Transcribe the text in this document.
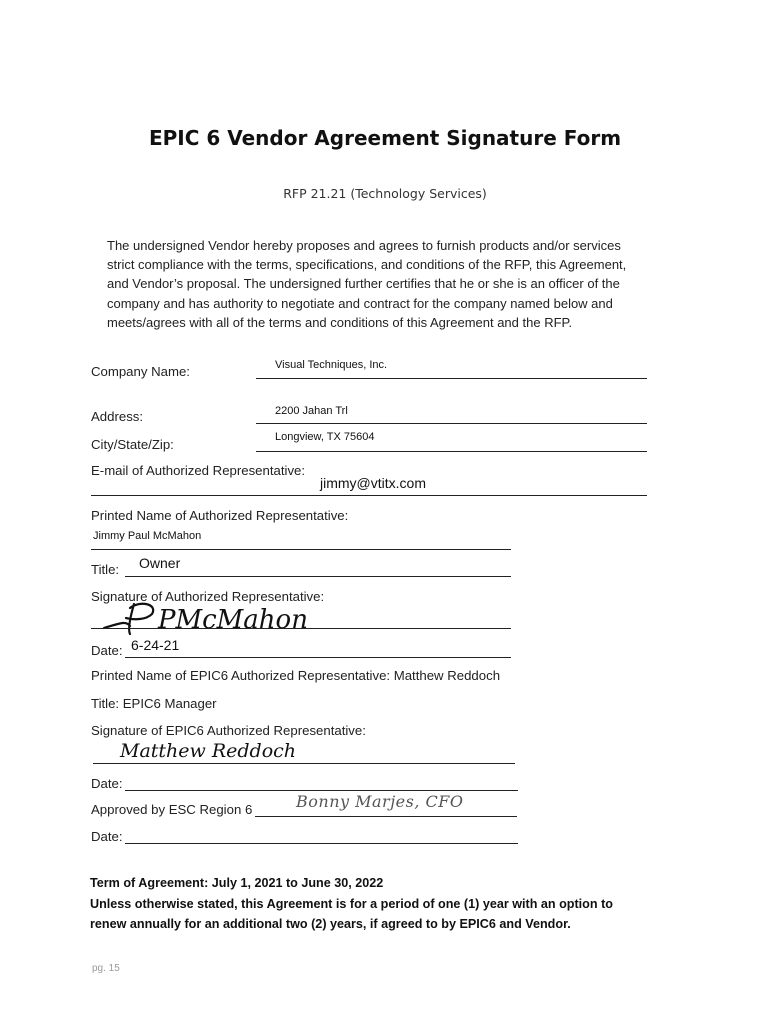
EPIC 6 Vendor Agreement Signature Form
RFP 21.21 (Technology Services)
The undersigned Vendor hereby proposes and agrees to furnish products and/or services
strict compliance with the terms, specifications, and conditions of the RFP, this Agreement,
and Vendor’s proposal. The undersigned further certifies that he or she is an officer of the
company and has authority to negotiate and contract for the company named below and
meets/agrees with all of the terms and conditions of this Agreement and the RFP.
Company Name:	Visual Techniques, Inc.
Address:	2200 Jahan Trl
City/State/Zip:	Longview, TX 75604
E-mail of Authorized Representative:
jimmy@vtitx.com
Printed Name of Authorized Representative:
Jimmy Paul McMahon
Title: Owner
Signature of Authorized Representative:
PMcMahon
Date: 6-24-21
Printed Name of EPIC6 Authorized Representative: Matthew Reddoch
Title: EPIC6 Manager
Signature of EPIC6 Authorized Representative:
Matthew Reddoch
Date:
Approved by ESC Region 6	Bonny Marjes, CFO
Date:
Term of Agreement: July 1, 2021 to June 30, 2022
Unless otherwise stated, this Agreement is for a period of one (1) year with an option to
renew annually for an additional two (2) years, if agreed to by EPIC6 and Vendor.
pg. 15
